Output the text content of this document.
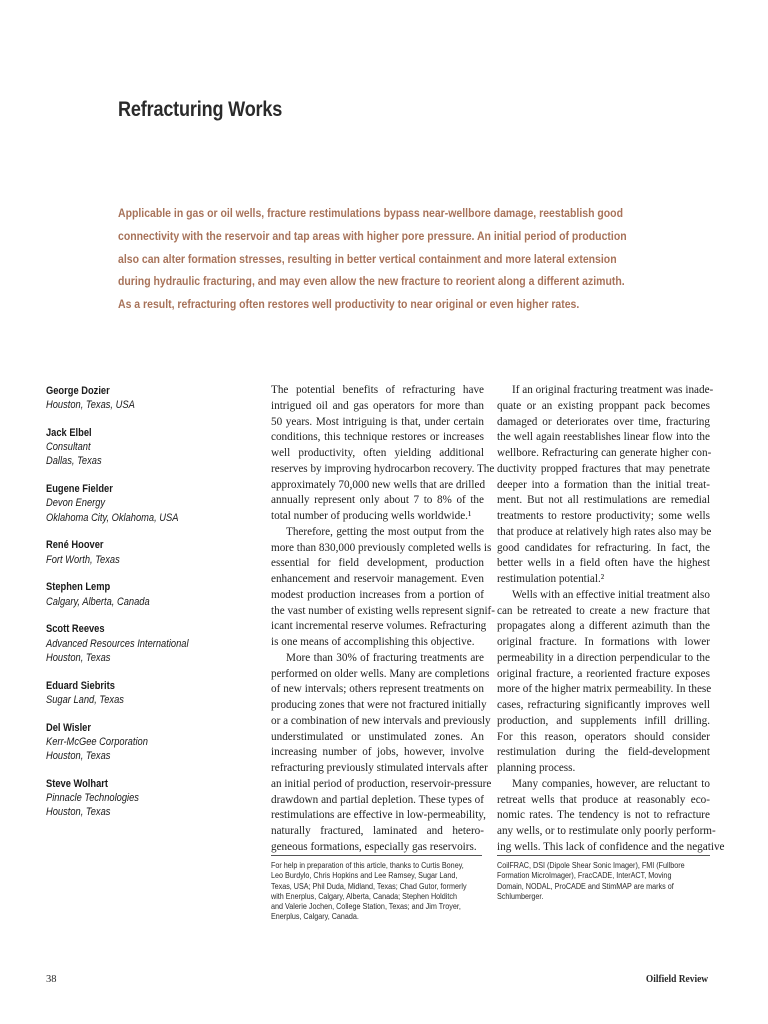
Refracturing Works
Applicable in gas or oil wells, fracture restimulations bypass near-wellbore damage, reestablish good
connectivity with the reservoir and tap areas with higher pore pressure. An initial period of production
also can alter formation stresses, resulting in better vertical containment and more lateral extension
during hydraulic fracturing, and may even allow the new fracture to reorient along a different azimuth.
As a result, refracturing often restores well productivity to near original or even higher rates.
George Dozier
Houston, Texas, USA
Jack Elbel
Consultant
Dallas, Texas
Eugene Fielder
Devon Energy
Oklahoma City, Oklahoma, USA
René Hoover
Fort Worth, Texas
Stephen Lemp
Calgary, Alberta, Canada
Scott Reeves
Advanced Resources International
Houston, Texas
Eduard Siebrits
Sugar Land, Texas
Del Wisler
Kerr-McGee Corporation
Houston, Texas
Steve Wolhart
Pinnacle Technologies
Houston, Texas
The potential benefits of refracturing have
intrigued oil and gas operators for more than
50 years. Most intriguing is that, under certain
conditions, this technique restores or increases
well productivity, often yielding additional
reserves by improving hydrocarbon recovery. The
approximately 70,000 new wells that are drilled
annually represent only about 7 to 8% of the
total number of producing wells worldwide.¹
Therefore, getting the most output from the
more than 830,000 previously completed wells is
essential for field development, production
enhancement and reservoir management. Even
modest production increases from a portion of
the vast number of existing wells represent signif-
icant incremental reserve volumes. Refracturing
is one means of accomplishing this objective.
More than 30% of fracturing treatments are
performed on older wells. Many are completions
of new intervals; others represent treatments on
producing zones that were not fractured initially
or a combination of new intervals and previously
understimulated or unstimulated zones. An
increasing number of jobs, however, involve
refracturing previously stimulated intervals after
an initial period of production, reservoir-pressure
drawdown and partial depletion. These types of
restimulations are effective in low-permeability,
naturally fractured, laminated and hetero-
geneous formations, especially gas reservoirs.
If an original fracturing treatment was inade-
quate or an existing proppant pack becomes
damaged or deteriorates over time, fracturing
the well again reestablishes linear flow into the
wellbore. Refracturing can generate higher con-
ductivity propped fractures that may penetrate
deeper into a formation than the initial treat-
ment. But not all restimulations are remedial
treatments to restore productivity; some wells
that produce at relatively high rates also may be
good candidates for refracturing. In fact, the
better wells in a field often have the highest
restimulation potential.²
Wells with an effective initial treatment also
can be retreated to create a new fracture that
propagates along a different azimuth than the
original fracture. In formations with lower
permeability in a direction perpendicular to the
original fracture, a reoriented fracture exposes
more of the higher matrix permeability. In these
cases, refracturing significantly improves well
production, and supplements infill drilling.
For this reason, operators should consider
restimulation during the field-development
planning process.
Many companies, however, are reluctant to
retreat wells that produce at reasonably eco-
nomic rates. The tendency is not to refracture
any wells, or to restimulate only poorly perform-
ing wells. This lack of confidence and the negative
For help in preparation of this article, thanks to Curtis Boney,
Leo Burdylo, Chris Hopkins and Lee Ramsey, Sugar Land,
Texas, USA; Phil Duda, Midland, Texas; Chad Gutor, formerly
with Enerplus, Calgary, Alberta, Canada; Stephen Holditch
and Valerie Jochen, College Station, Texas; and Jim Troyer,
Enerplus, Calgary, Canada.
CoilFRAC, DSI (Dipole Shear Sonic Imager), FMI (Fullbore
Formation MicroImager), FracCADE, InterACT, Moving
Domain, NODAL, ProCADE and StimMAP are marks of
Schlumberger.
38	Oilfield Review
